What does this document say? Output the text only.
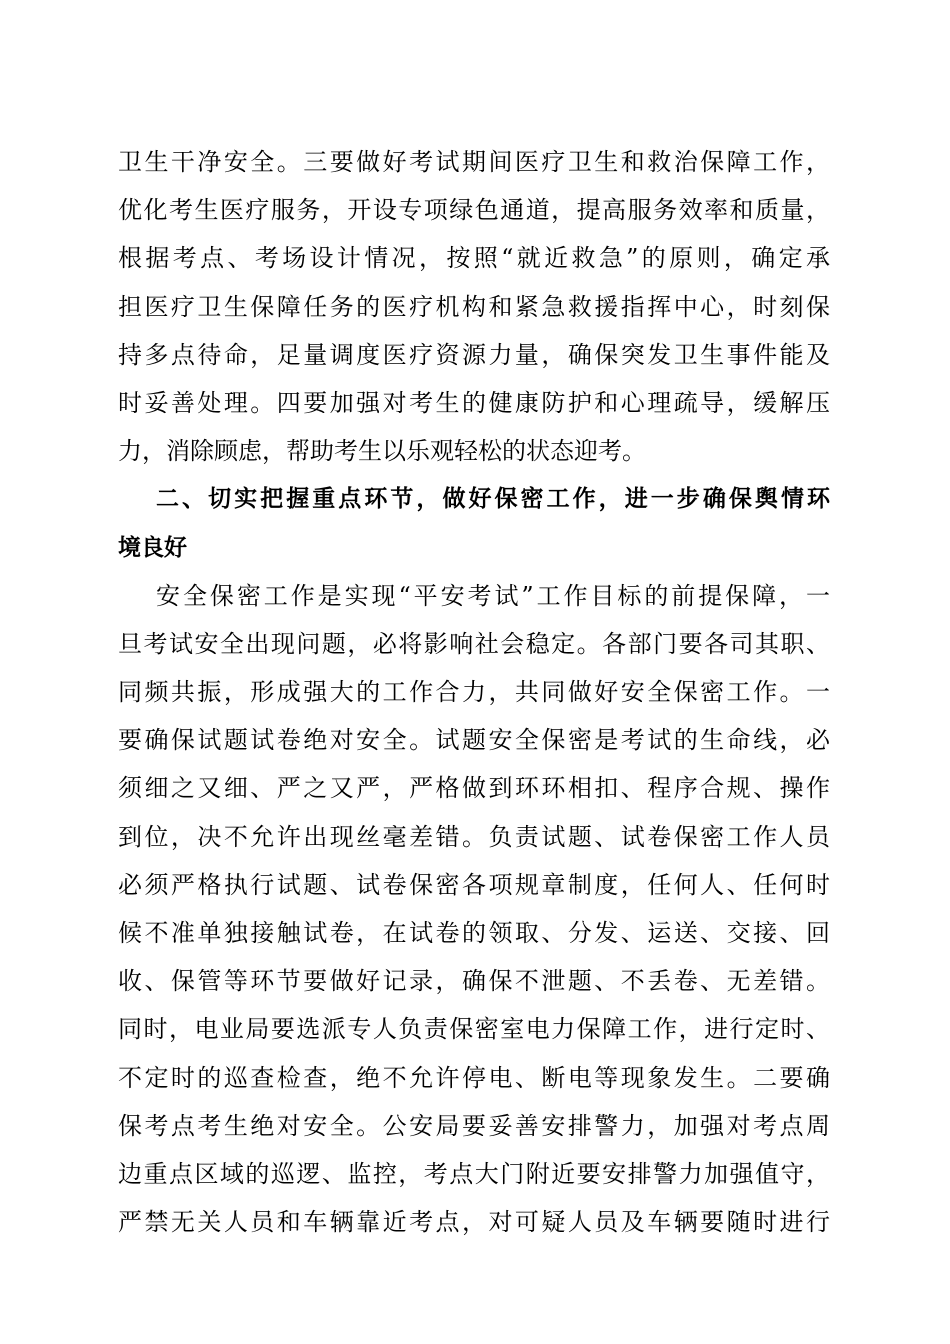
卫生干净安全。三要做好考试期间医疗卫生和救治保障工作，
优化考生医疗服务，开设专项绿色通道，提高服务效率和质量，
根据考点、考场设计情况，按照“就近救急”的原则，确定承
担医疗卫生保障任务的医疗机构和紧急救援指挥中心，时刻保
持多点待命，足量调度医疗资源力量，确保突发卫生事件能及
时妥善处理。四要加强对考生的健康防护和心理疏导，缓解压
力，消除顾虑，帮助考生以乐观轻松的状态迎考。
二、切实把握重点环节，做好保密工作，进一步确保舆情环
境良好
安全保密工作是实现“平安考试”工作目标的前提保障，一
旦考试安全出现问题，必将影响社会稳定。各部门要各司其职、
同频共振，形成强大的工作合力，共同做好安全保密工作。一
要确保试题试卷绝对安全。试题安全保密是考试的生命线，必
须细之又细、严之又严，严格做到环环相扣、程序合规、操作
到位，决不允许出现丝毫差错。负责试题、试卷保密工作人员
必须严格执行试题、试卷保密各项规章制度，任何人、任何时
候不准单独接触试卷，在试卷的领取、分发、运送、交接、回
收、保管等环节要做好记录，确保不泄题、不丢卷、无差错。
同时，电业局要选派专人负责保密室电力保障工作，进行定时、
不定时的巡查检查，绝不允许停电、断电等现象发生。二要确
保考点考生绝对安全。公安局要妥善安排警力，加强对考点周
边重点区域的巡逻、监控，考点大门附近要安排警力加强值守，
严禁无关人员和车辆靠近考点，对可疑人员及车辆要随时进行
